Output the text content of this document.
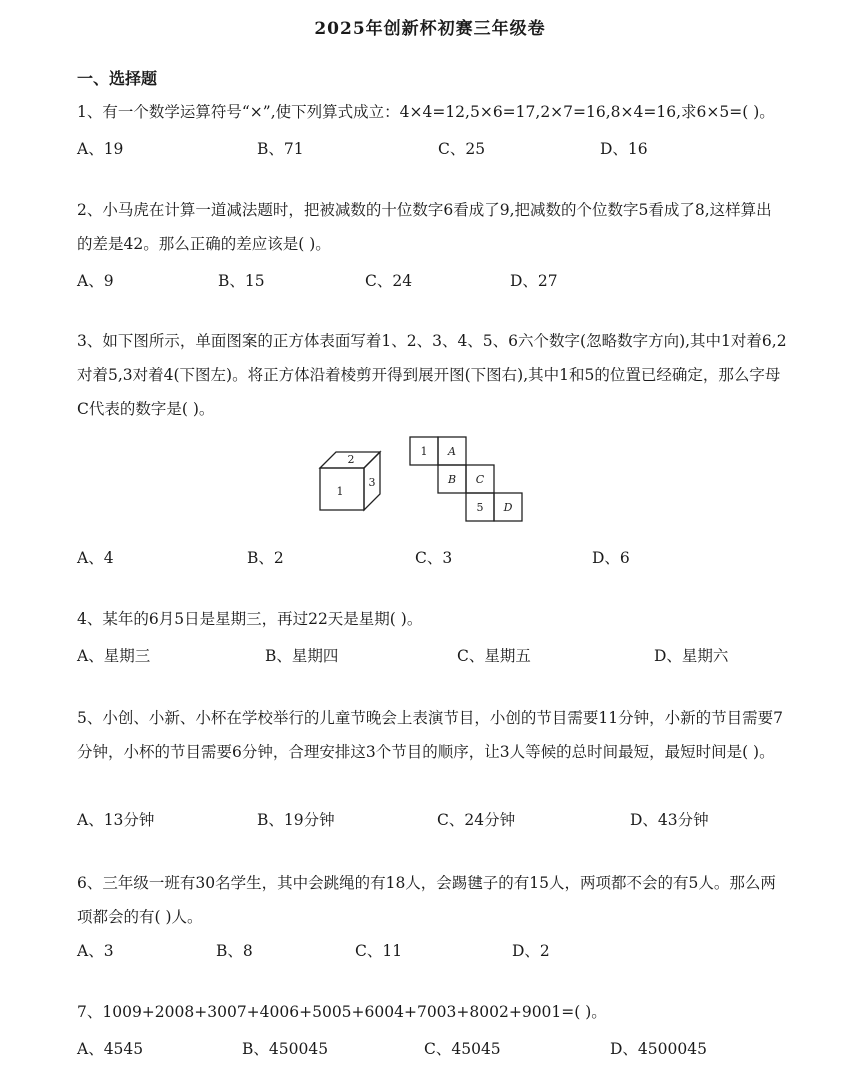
2025年创新杯初赛三年级卷
一、选择题
1、有一个数学运算符号“×”,使下列算式成立：4×4=12,5×6=17,2×7=16,8×4=16,求6×5=( )。
A、19	B、71	C、25	D、16
2、小马虎在计算一道减法题时，把被减数的十位数字6看成了9,把减数的个位数字5看成了8,这样算出的差是42。那么正确的差应该是( )。
A、9	B、15	C、24	D、27
3、如下图所示，单面图案的正方体表面写着1、2、3、4、5、6六个数字(忽略数字方向),其中1对着6,2对着5,3对着4(下图左)。将正方体沿着棱剪开得到展开图(下图右),其中1和5的位置已经确定，那么字母C代表的数字是( )。
1
2
3
1 A
B C
5 D
A、4	B、2	C、3	D、6
4、某年的6月5日是星期三，再过22天是星期( )。
A、星期三	B、星期四	C、星期五	D、星期六
5、小创、小新、小杯在学校举行的儿童节晚会上表演节目，小创的节目需要11分钟，小新的节目需要7分钟，小杯的节目需要6分钟，合理安排这3个节目的顺序，让3人等候的总时间最短，最短时间是( )。
A、13分钟	B、19分钟	C、24分钟	D、43分钟
6、三年级一班有30名学生，其中会跳绳的有18人，会踢毽子的有15人，两项都不会的有5人。那么两项都会的有( )人。
A、3	B、8	C、11	D、2
7、1009+2008+3007+4006+5005+6004+7003+8002+9001=( )。
A、4545	B、450045	C、45045	D、4500045
